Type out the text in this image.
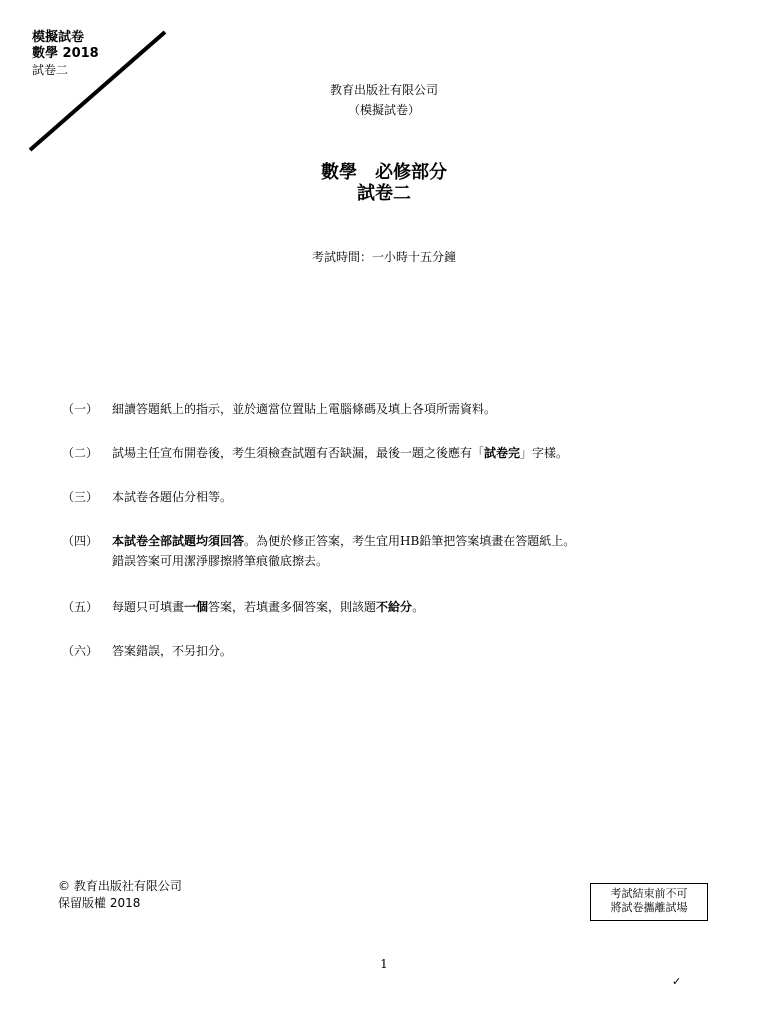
模擬試卷
數學 2018
試卷二
教育出版社有限公司
（模擬試卷）
數學 必修部分
試卷二
考試時間：一小時十五分鐘
（一）	細讀答題紙上的指示，並於適當位置貼上電腦條碼及填上各項所需資料。
（二）	試場主任宣布開卷後，考生須檢查試題有否缺漏，最後一題之後應有「試卷完」字樣。
（三）	本試卷各題佔分相等。
（四）	本試卷全部試題均須回答。為便於修正答案，考生宜用HB鉛筆把答案填畫在答題紙上。
錯誤答案可用潔淨膠擦將筆痕徹底擦去。
（五）	每題只可填畫一個答案，若填畫多個答案，則該題不給分。
（六）	答案錯誤，不另扣分。
© 教育出版社有限公司
保留版權 2018
考試結束前不可
將試卷攜離試場
1
✓
